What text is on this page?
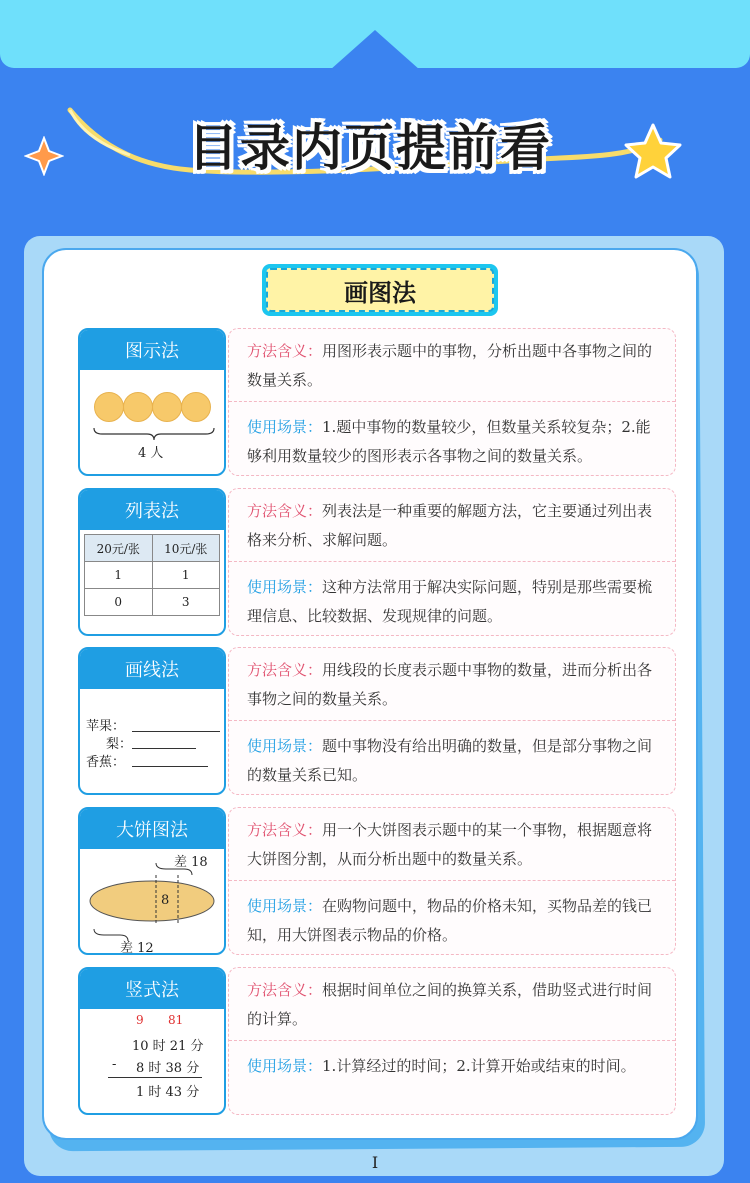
目录内页提前看
画图法
图示法
4 人
方法含义：用图形表示题中的事物，分析出题中各事物之间的数量关系。
使用场景：1.题中事物的数量较少，但数量关系较复杂；2.能够利用数量较少的图形表示各事物之间的数量关系。
列表法
20元/张	10元/张
1	1
0	3
方法含义：列表法是一种重要的解题方法，它主要通过列出表格来分析、求解问题。
使用场景：这种方法常用于解决实际问题，特别是那些需要梳理信息、比较数据、发现规律的问题。
画线法
苹果：
梨：
香蕉：
方法含义：用线段的长度表示题中事物的数量，进而分析出各事物之间的数量关系。
使用场景：题中事物没有给出明确的数量，但是部分事物之间的数量关系已知。
大饼图法
差 18
8
差 12
方法含义：用一个大饼图表示题中的某一个事物，根据题意将大饼图分割，从而分析出题中的数量关系。
使用场景：在购物问题中，物品的价格未知，买物品差的钱已知，用大饼图表示物品的价格。
竖式法
9 81
10 时 21 分
- 8 时 38 分
1 时 43 分
方法含义：根据时间单位之间的换算关系，借助竖式进行时间的计算。
使用场景：1.计算经过的时间；2.计算开始或结束的时间。
I
